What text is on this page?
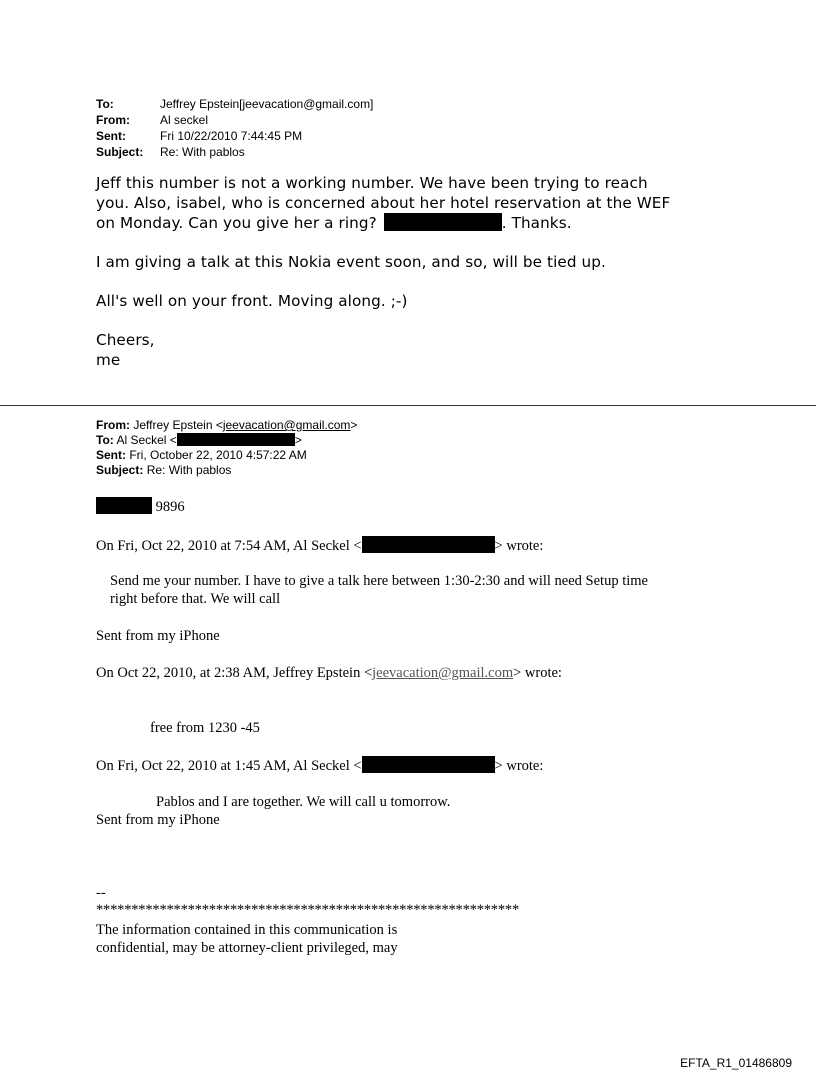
To:	Jeffrey Epstein[jeevacation@gmail.com]
From:	Al seckel
Sent:	Fri 10/22/2010 7:44:45 PM
Subject:	Re: With pablos

Jeff this number is not a working number. We have been trying to reach
you. Also, isabel, who is concerned about her hotel reservation at the WEF
on Monday. Can you give her a ring?	. Thanks.

I am giving a talk at this Nokia event soon, and so, will be tied up.

All's well on your front. Moving along. ;-)

Cheers,
me

From: Jeffrey Epstein <jeevacation@gmail.com>
To: Al Seckel <	>
Sent: Fri, October 22, 2010 4:57:22 AM
Subject: Re: With pablos
9896
On Fri, Oct 22, 2010 at 7:54 AM, Al Seckel <	> wrote:
Send me your number. I have to give a talk here between 1:30-2:30 and will need Setup time
right before that. We will call
Sent from my iPhone
On Oct 22, 2010, at 2:38 AM, Jeffrey Epstein <jeevacation@gmail.com> wrote:
free from 1230 -45
On Fri, Oct 22, 2010 at 1:45 AM, Al Seckel <	> wrote:
Pablos and I are together. We will call u tomorrow.
Sent from my iPhone
--
************************************************************
The information contained in this communication is
confidential, may be attorney-client privileged, may
EFTA_R1_01486809
